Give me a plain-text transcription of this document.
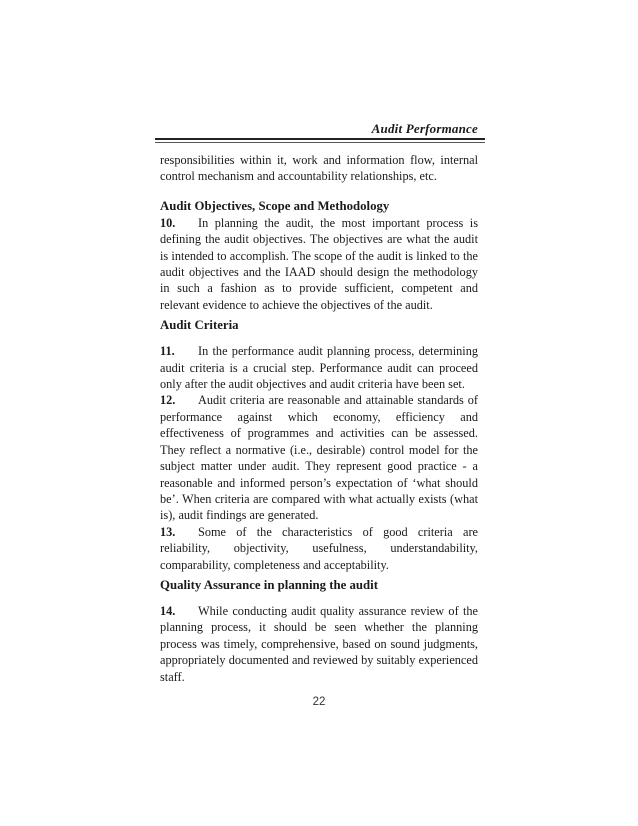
Audit Performance

responsibilities within it, work and information flow, internal control mechanism and accountability relationships, etc.

Audit Objectives, Scope and Methodology

10. In planning the audit, the most important process is defining the audit objectives. The objectives are what the audit is intended to accomplish. The scope of the audit is linked to the audit objectives and the IAAD should design the methodology in such a fashion as to provide sufficient, competent and relevant evidence to achieve the objectives of the audit.

Audit Criteria

11. In the performance audit planning process, determining audit criteria is a crucial step. Performance audit can proceed only after the audit objectives and audit criteria have been set.

12. Audit criteria are reasonable and attainable standards of performance against which economy, efficiency and effectiveness of programmes and activities can be assessed. They reflect a normative (i.e., desirable) control model for the subject matter under audit. They represent good practice - a reasonable and informed person’s expectation of ‘what should be’. When criteria are compared with what actually exists (what is), audit findings are generated.

13. Some of the characteristics of good criteria are reliability, objectivity, usefulness, understandability, comparability, completeness and acceptability.

Quality Assurance in planning the audit

14. While conducting audit quality assurance review of the planning process, it should be seen whether the planning process was timely, comprehensive, based on sound judgments, appropriately documented and reviewed by suitably experienced staff.

22
